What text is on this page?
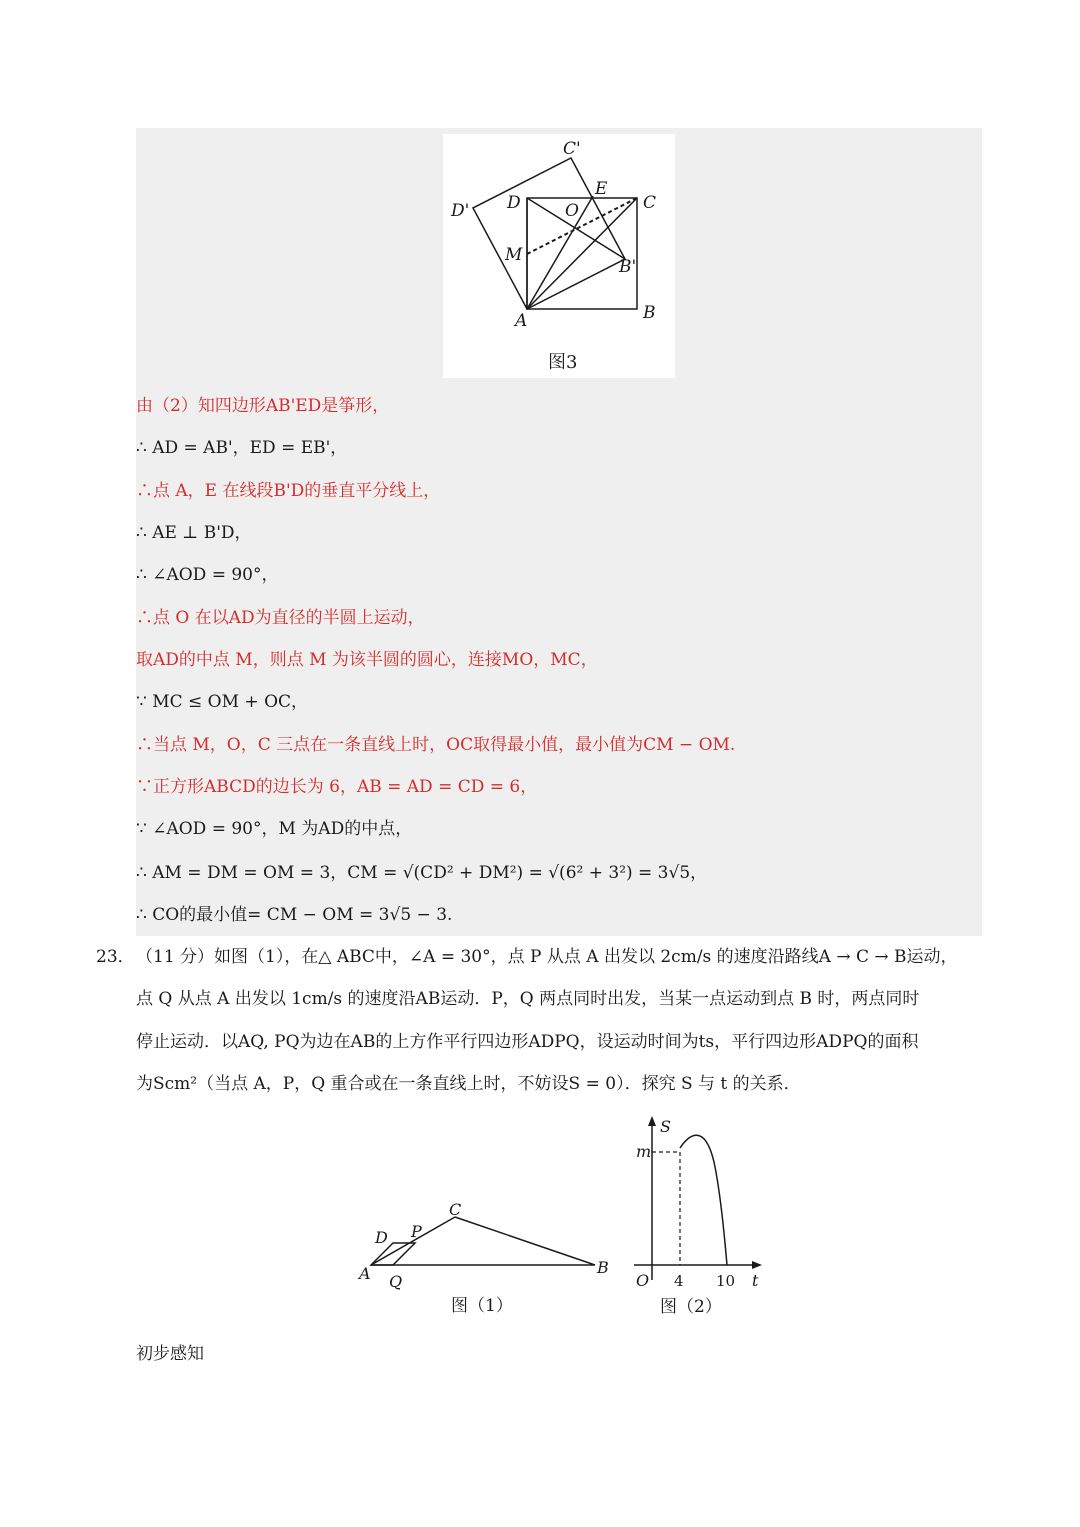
C'
D' D
E
O	C
M
B'
A	B
图3
由（2）知四边形AB'ED是筝形，
∴ AD = AB'，ED = EB'，
∴点 A，E 在线段B'D的垂直平分线上，
∴ AE ⊥ B'D，
∴ ∠AOD = 90°，
∴点 O 在以AD为直径的半圆上运动，
取AD的中点 M，则点 M 为该半圆的圆心，连接MO，MC，
∵ MC ≤ OM + OC，
∴当点 M，O，C 三点在一条直线上时，OC取得最小值，最小值为CM − OM.
∵正方形ABCD的边长为 6，AB = AD = CD = 6，
∵ ∠AOD = 90°，M 为AD的中点，
∴ AM = DM = OM = 3，CM = √(CD² + DM²) = √(6² + 3²) = 3√5，
∴ CO的最小值= CM − OM = 3√5 − 3.
23． （11 分）如图（1），在△ ABC中，∠A = 30°，点 P 从点 A 出发以 2cm/s 的速度沿路线A → C → B运动，
点 Q 从点 A 出发以 1cm/s 的速度沿AB运动．P，Q 两点同时出发，当某一点运动到点 B 时，两点同时
停止运动．以AQ, PQ为边在AB的上方作平行四边形ADPQ，设运动时间为ts，平行四边形ADPQ的面积
为Scm²（当点 A，P，Q 重合或在一条直线上时，不妨设S = 0）．探究 S 与 t 的关系．
D P
C
A Q
B
图（1）
S
m
O 4 10 t
图（2）
初步感知
